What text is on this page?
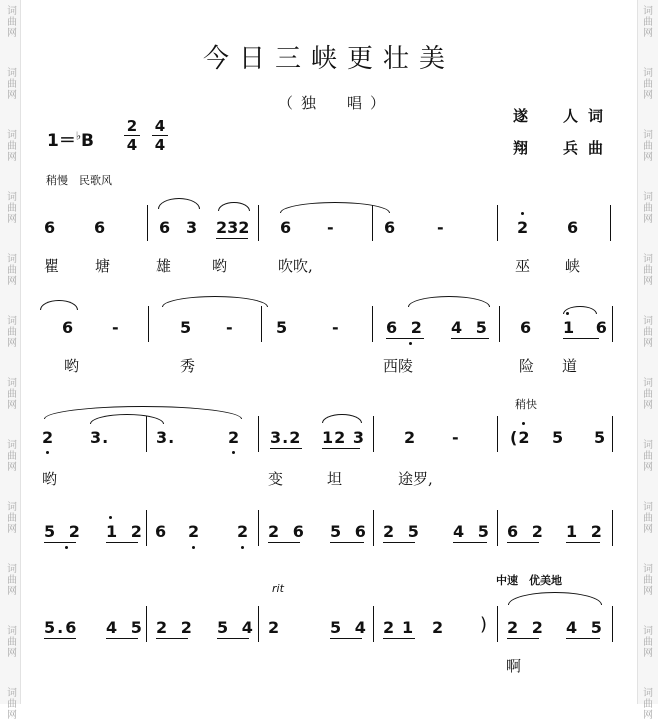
词
曲
网
词
曲
网
词
曲
网
词
曲
网
词
曲
网
词
曲
网
词
曲
网
词
曲
网
词
曲
网
词
曲
网
词
曲
网
词
曲
网
词
曲
网
词
曲
网
词
曲
网
词
曲
网
词
曲
网
词
曲
网
词
曲
网
词
曲
网
词
曲
网
词
曲
网
词
曲
网
词
曲
网
今日三峡更壮美
（独　唱）
1＝♭B
2
4
4
4
遂　人词
翔　兵曲
稍慢　民歌风
6 6	6 3 232 6 -	6	-	2 6
瞿 塘	雄	哟	吹吹,	巫 峡
6 -	5 -	5	-	6 2 4 5 6 1 6
哟	秀	西陵	险 道
稍快
2 3.	3.	2 3.2 12 3 2 -	(2 5 5
哟	变	坦	途罗,
5 2 1 2 6 2 2 2 6 5 6 2 5 4 5 6 2 1 2
rit
中速　优美地
5.6 4 5 2 2 5 4 2	5 4 2 1 2 ) 2 2 4 5
啊
